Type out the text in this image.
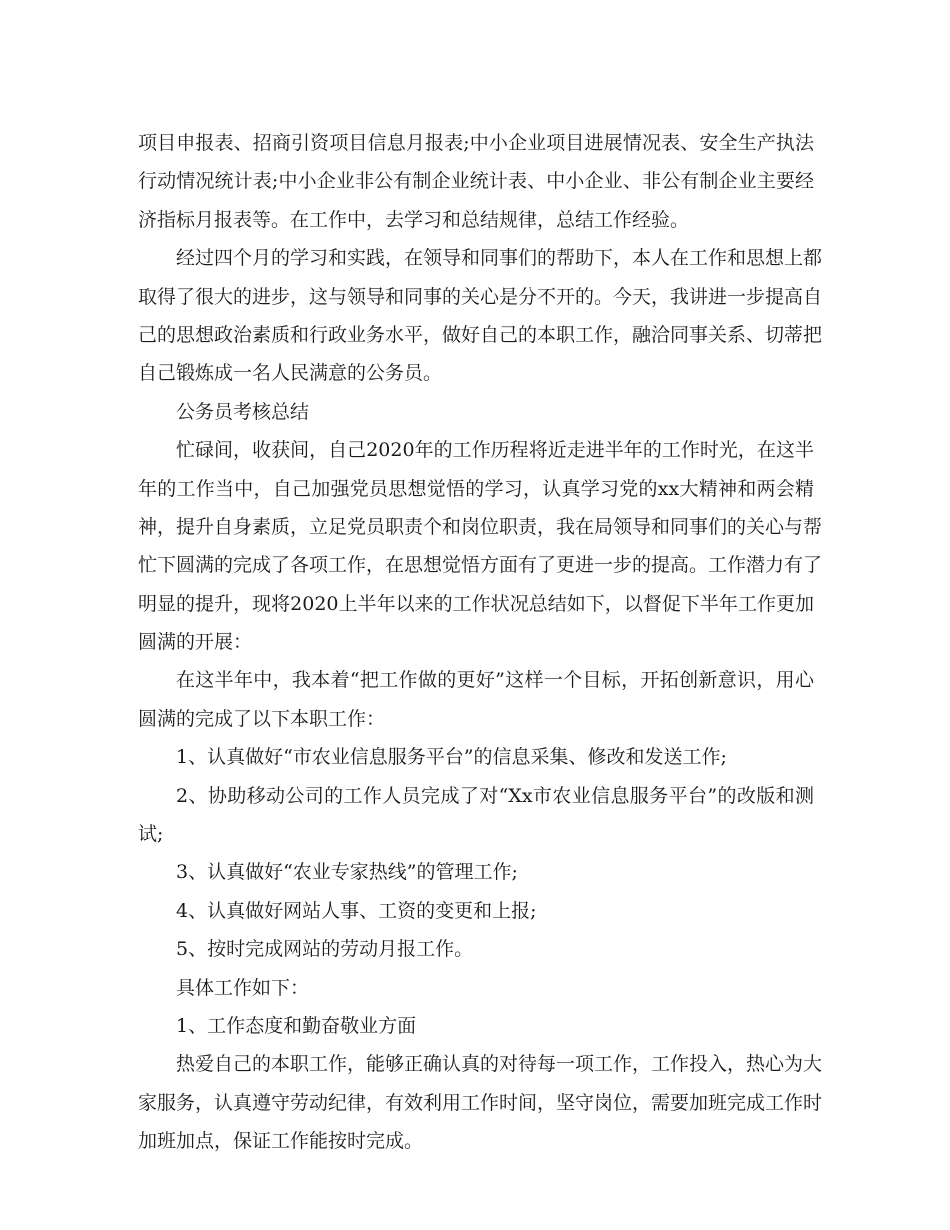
项目申报表、招商引资项目信息月报表;中小企业项目进展情况表、安全生产执法
行动情况统计表;中小企业非公有制企业统计表、中小企业、非公有制企业主要经
济指标月报表等。在工作中，去学习和总结规律，总结工作经验。
经过四个月的学习和实践，在领导和同事们的帮助下，本人在工作和思想上都
取得了很大的进步，这与领导和同事的关心是分不开的。今天，我讲进一步提高自
己的思想政治素质和行政业务水平，做好自己的本职工作，融洽同事关系、切蒂把
自己锻炼成一名人民满意的公务员。
公务员考核总结
忙碌间，收获间，自己2020年的工作历程将近走进半年的工作时光，在这半
年的工作当中，自己加强党员思想觉悟的学习，认真学习党的xx大精神和两会精
神，提升自身素质，立足党员职责个和岗位职责，我在局领导和同事们的关心与帮
忙下圆满的完成了各项工作，在思想觉悟方面有了更进一步的提高。工作潜力有了
明显的提升，现将2020上半年以来的工作状况总结如下，以督促下半年工作更加
圆满的开展：
在这半年中，我本着“把工作做的更好”这样一个目标，开拓创新意识，用心
圆满的完成了以下本职工作：
1、认真做好“市农业信息服务平台”的信息采集、修改和发送工作;
2、协助移动公司的工作人员完成了对“Xx市农业信息服务平台”的改版和测
试;
3、认真做好“农业专家热线”的管理工作;
4、认真做好网站人事、工资的变更和上报;
5、按时完成网站的劳动月报工作。
具体工作如下：
1、工作态度和勤奋敬业方面
热爱自己的本职工作，能够正确认真的对待每一项工作，工作投入，热心为大
家服务，认真遵守劳动纪律，有效利用工作时间，坚守岗位，需要加班完成工作时
加班加点，保证工作能按时完成。
